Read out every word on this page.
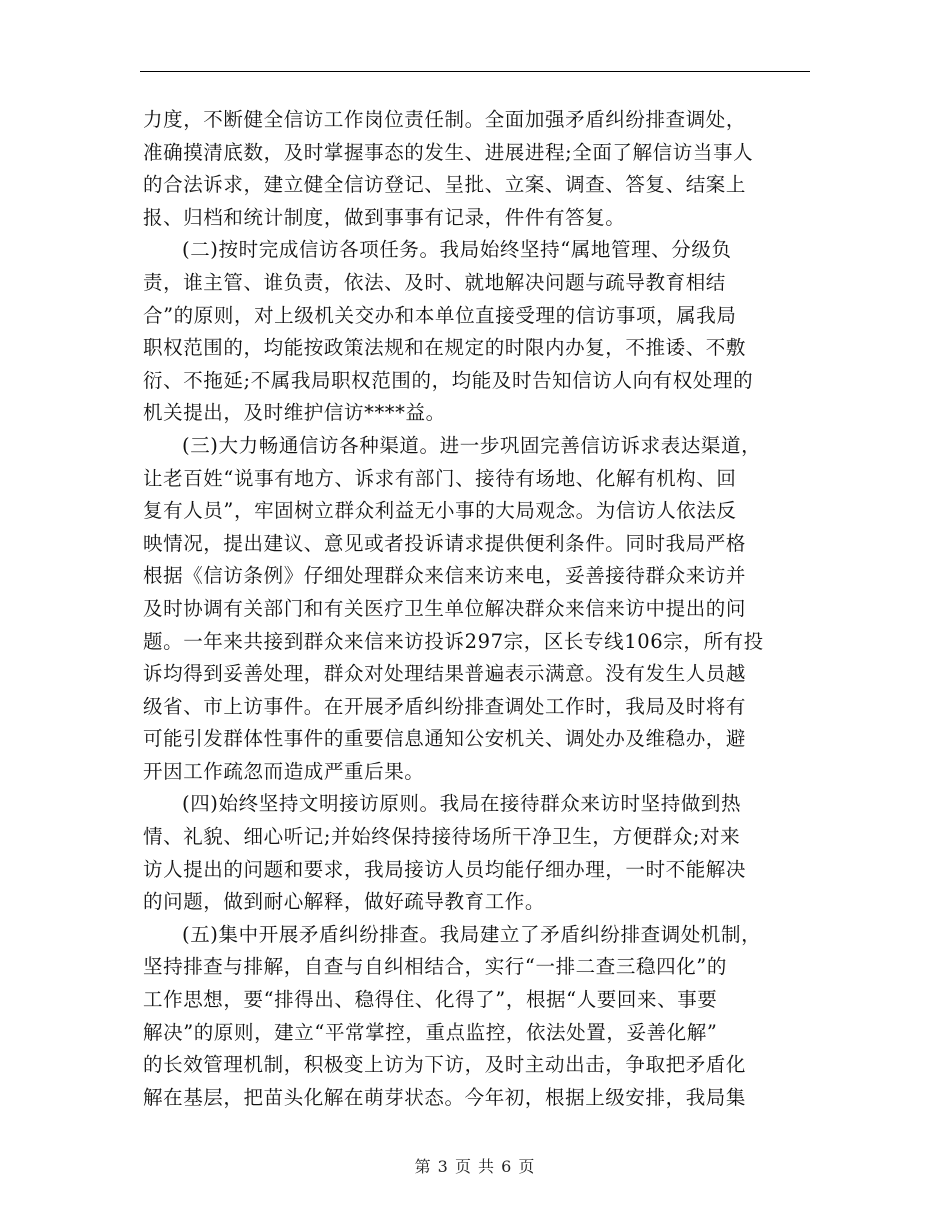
力度，不断健全信访工作岗位责任制。全面加强矛盾纠纷排查调处，
准确摸清底数，及时掌握事态的发生、进展进程;全面了解信访当事人
的合法诉求，建立健全信访登记、呈批、立案、调查、答复、结案上
报、归档和统计制度，做到事事有记录，件件有答复。

(二)按时完成信访各项任务。我局始终坚持“属地管理、分级负
责，谁主管、谁负责，依法、及时、就地解决问题与疏导教育相结
合”的原则，对上级机关交办和本单位直接受理的信访事项，属我局
职权范围的，均能按政策法规和在规定的时限内办复，不推诿、不敷
衍、不拖延;不属我局职权范围的，均能及时告知信访人向有权处理的
机关提出，及时维护信访****益。

(三)大力畅通信访各种渠道。进一步巩固完善信访诉求表达渠道，
让老百姓“说事有地方、诉求有部门、接待有场地、化解有机构、回
复有人员”，牢固树立群众利益无小事的大局观念。为信访人依法反
映情况，提出建议、意见或者投诉请求提供便利条件。同时我局严格
根据《信访条例》仔细处理群众来信来访来电，妥善接待群众来访并
及时协调有关部门和有关医疗卫生单位解决群众来信来访中提出的问
题。一年来共接到群众来信来访投诉297宗，区长专线106宗，所有投
诉均得到妥善处理，群众对处理结果普遍表示满意。没有发生人员越
级省、市上访事件。在开展矛盾纠纷排查调处工作时，我局及时将有
可能引发群体性事件的重要信息通知公安机关、调处办及维稳办，避
开因工作疏忽而造成严重后果。

(四)始终坚持文明接访原则。我局在接待群众来访时坚持做到热
情、礼貌、细心听记;并始终保持接待场所干净卫生，方便群众;对来
访人提出的问题和要求，我局接访人员均能仔细办理，一时不能解决
的问题，做到耐心解释，做好疏导教育工作。

(五)集中开展矛盾纠纷排查。我局建立了矛盾纠纷排查调处机制，
坚持排查与排解，自查与自纠相结合，实行“一排二查三稳四化”的
工作思想，要“排得出、稳得住、化得了”，根据“人要回来、事要
解决”的原则，建立“平常掌控，重点监控，依法处置，妥善化解”
的长效管理机制，积极变上访为下访，及时主动出击，争取把矛盾化
解在基层，把苗头化解在萌芽状态。今年初，根据上级安排，我局集

第 3 页 共 6 页
